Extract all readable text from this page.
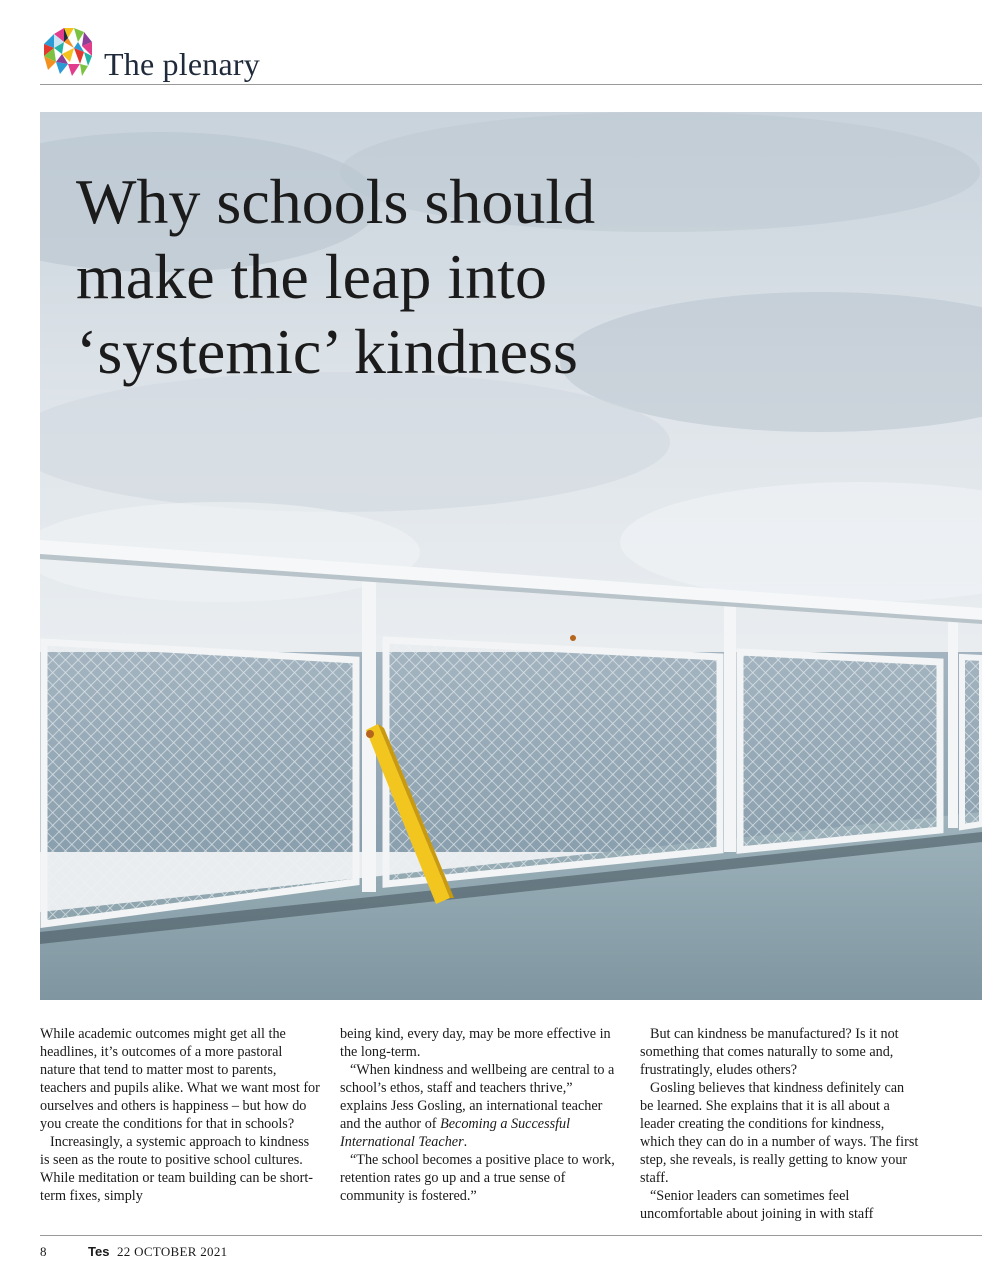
The plenary
Why schools should
make the leap into
‘systemic’ kindness

While academic outcomes might get all the headlines, it’s outcomes of a more pastoral nature that tend to matter most to parents, teachers and pupils alike. What we want most for ourselves and others is happiness – but how do you create the conditions for that in schools?

Increasingly, a systemic approach to kindness is seen as the route to positive school cultures. While meditation or team building can be short-term fixes, simply

being kind, every day, may be more effective in the long-term.

“When kindness and wellbeing are central to a school’s ethos, staff and teachers thrive,” explains Jess Gosling, an international teacher and the author of Becoming a Successful International Teacher.

“The school becomes a positive place to work, retention rates go up and a true sense of community is fostered.”

But can kindness be manufactured? Is it not something that comes naturally to some and, frustratingly, eludes others?

Gosling believes that kindness definitely can be learned. She explains that it is all about a leader creating the conditions for kindness, which they can do in a number of ways. The first step, she reveals, is really getting to know your staff.

“Senior leaders can sometimes feel uncomfortable about joining in with staff

8	Tes 22 OCTOBER 2021
